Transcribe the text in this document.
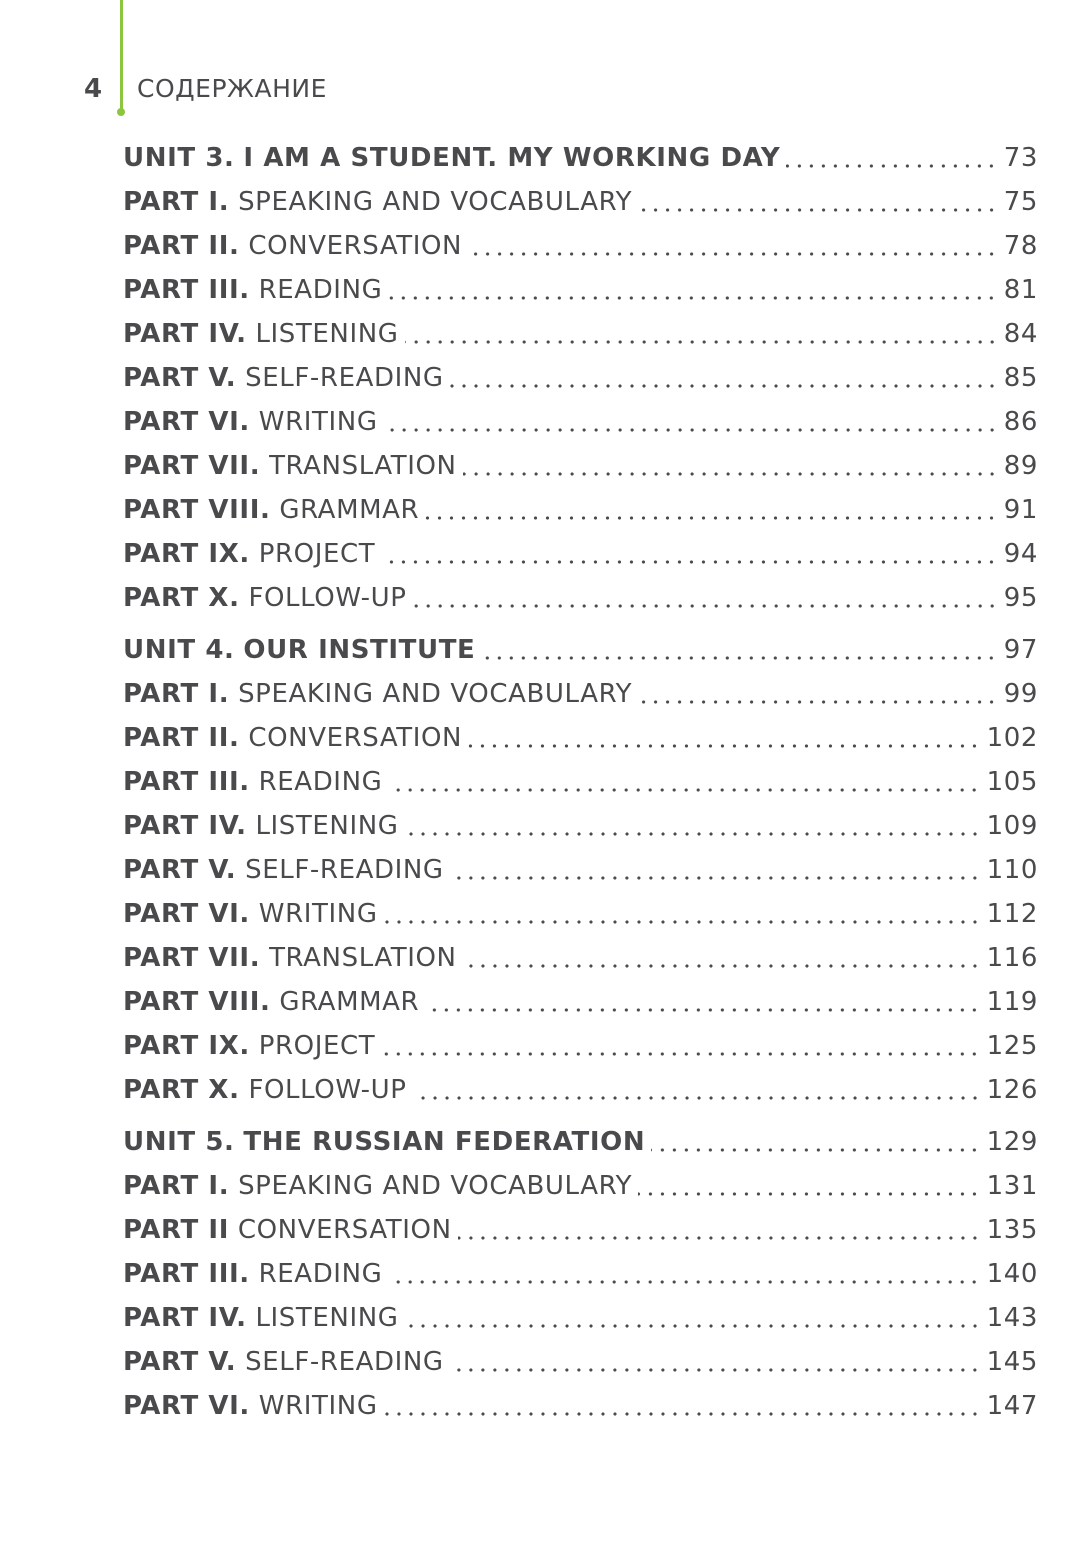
4 СОДЕРЖАНИЕ
UNIT 3. I AM A STUDENT. MY WORKING DAY	73
PART I. SPEAKING AND VOCABULARY	75
PART II. CONVERSATION	78
PART III. READING	81
PART IV. LISTENING	84
PART V. SELF-READING	85
PART VI. WRITING	86
PART VII. TRANSLATION	89
PART VIII. GRAMMAR	91
PART IX. PROJECT	94
PART X. FOLLOW-UP	95
UNIT 4. OUR INSTITUTE	97
PART I. SPEAKING AND VOCABULARY	99
PART II. CONVERSATION	102
PART III. READING	105
PART IV. LISTENING	109
PART V. SELF-READING	110
PART VI. WRITING	112
PART VII. TRANSLATION	116
PART VIII. GRAMMAR	119
PART IX. PROJECT	125
PART X. FOLLOW-UP	126
UNIT 5. THE RUSSIAN FEDERATION	129
PART I. SPEAKING AND VOCABULARY	131
PART II CONVERSATION	135
PART III. READING	140
PART IV. LISTENING	143
PART V. SELF-READING	145
PART VI. WRITING	147
